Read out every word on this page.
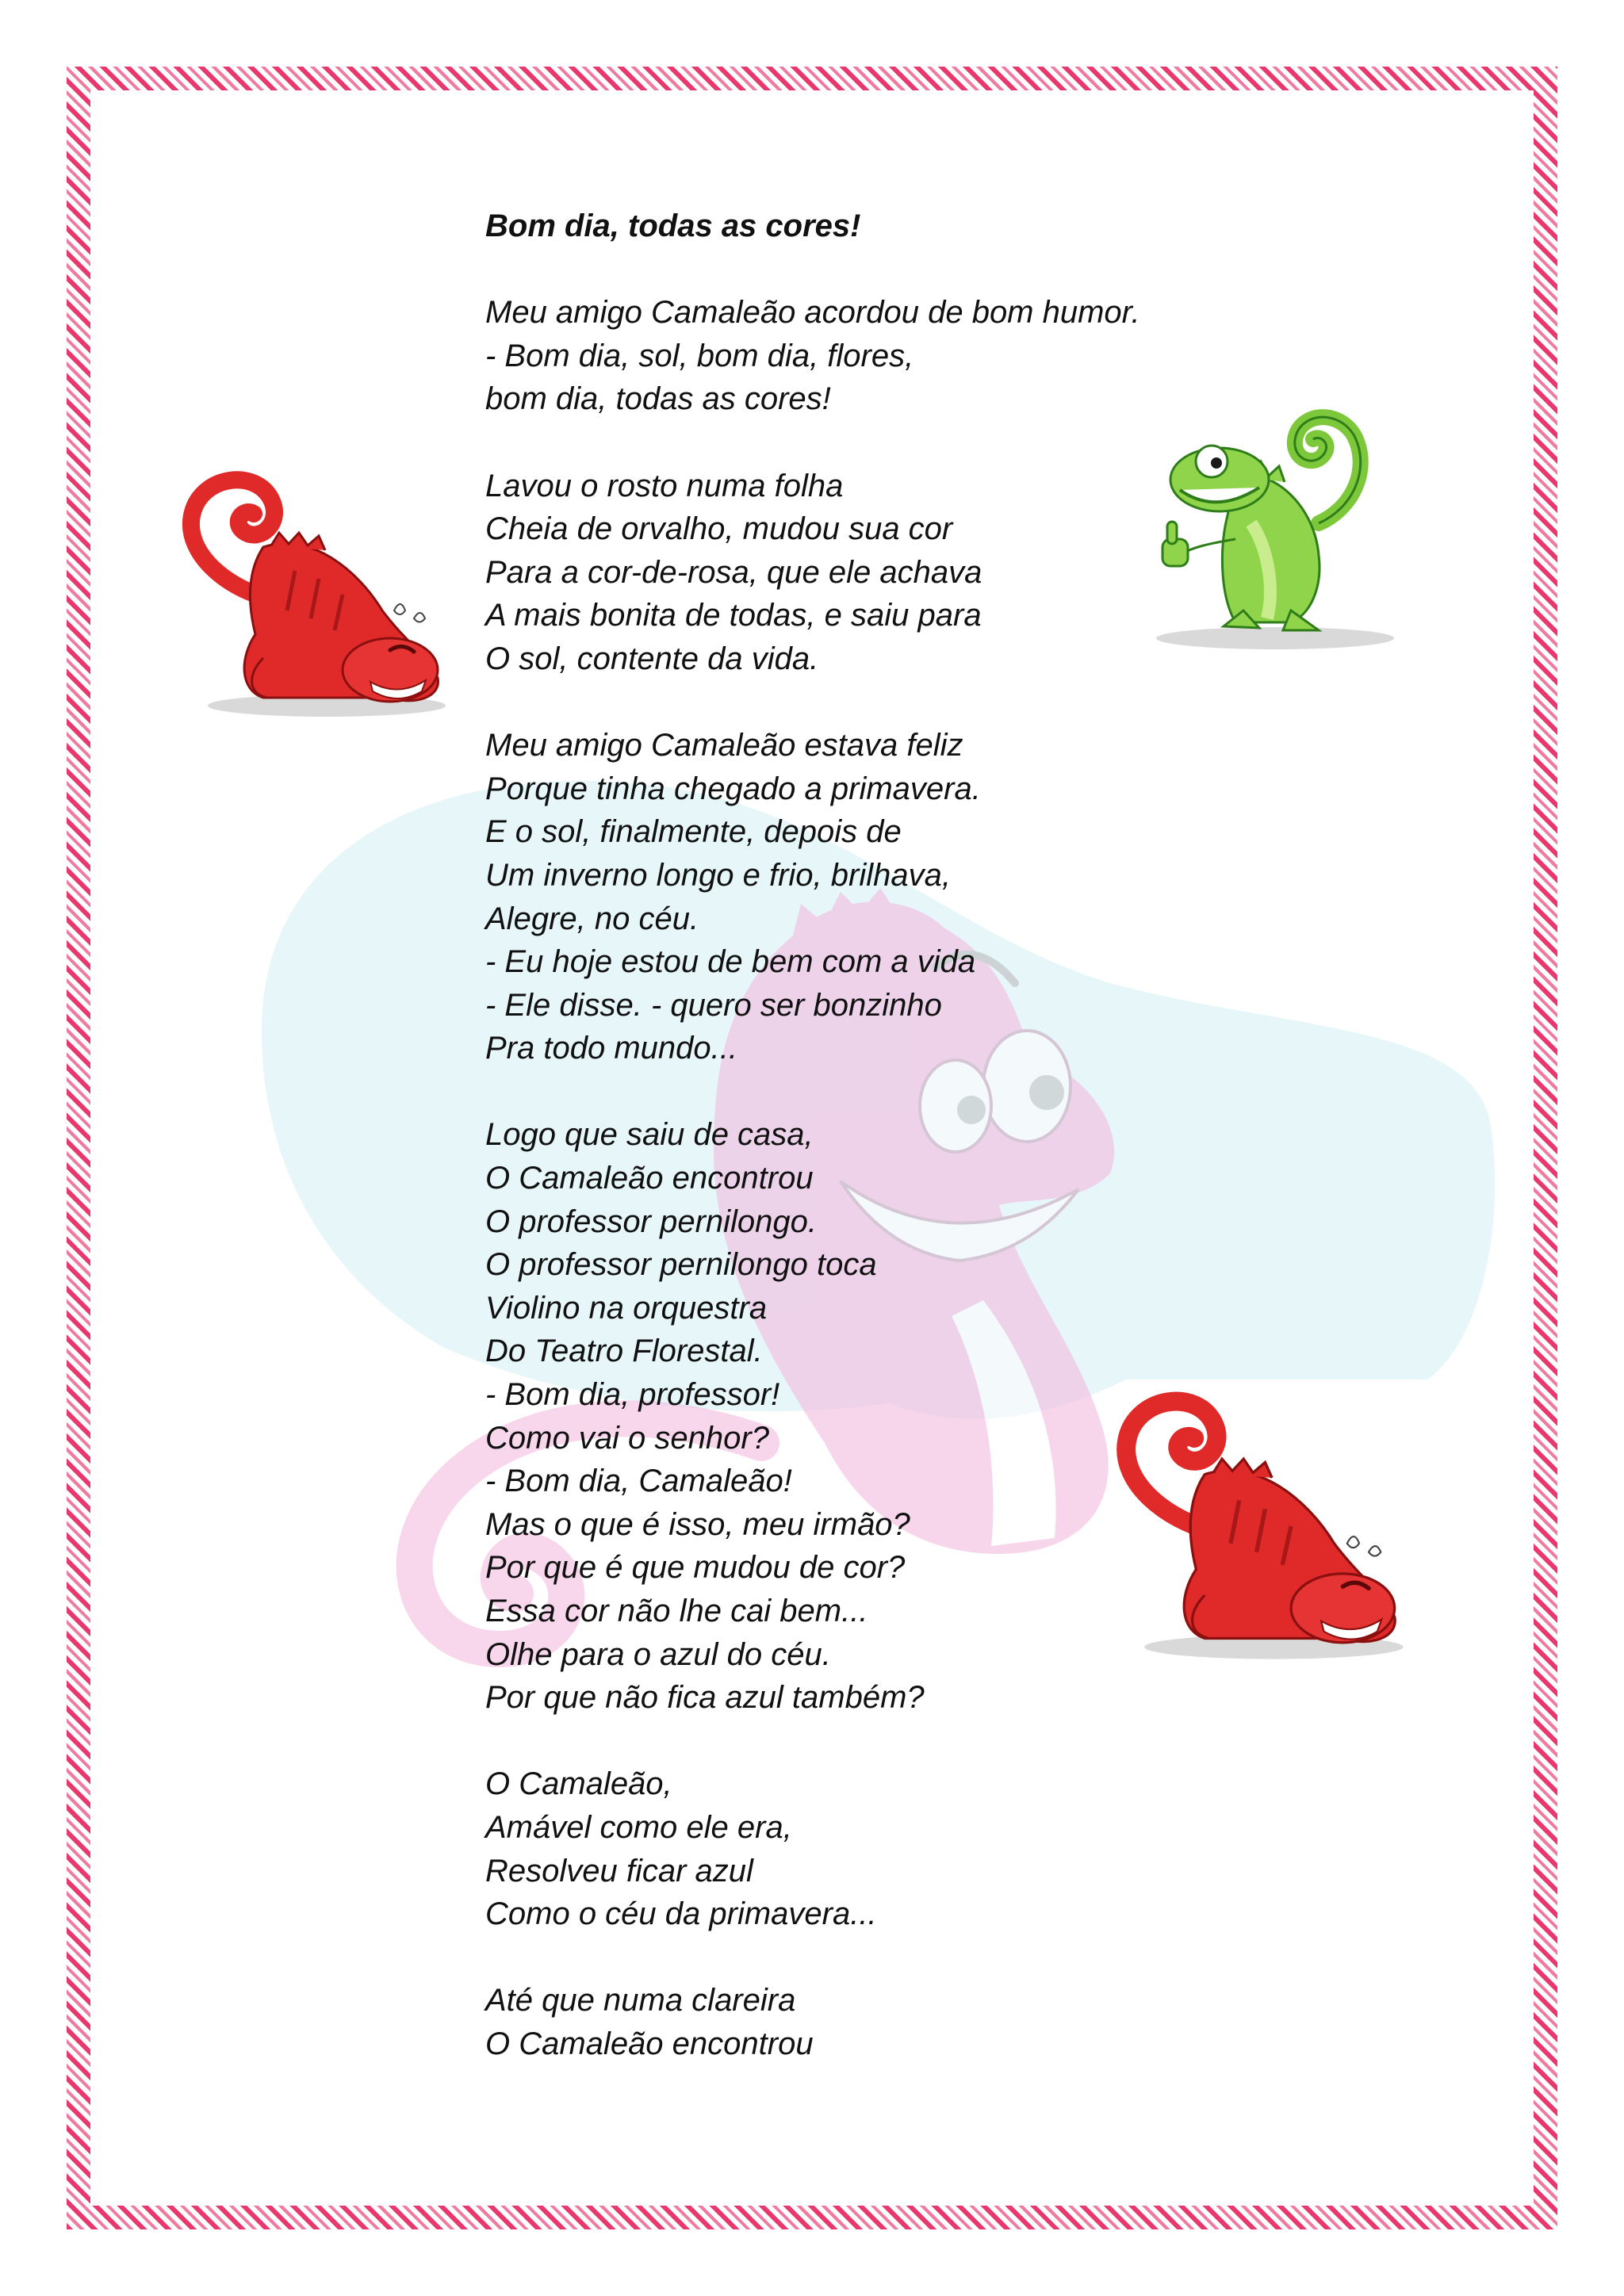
Bom dia, todas as cores!
Meu amigo Camaleão acordou de bom humor.
- Bom dia, sol, bom dia, flores,
bom dia, todas as cores!
Lavou o rosto numa folha
Cheia de orvalho, mudou sua cor
Para a cor-de-rosa, que ele achava
A mais bonita de todas, e saiu para
O sol, contente da vida.
Meu amigo Camaleão estava feliz
Porque tinha chegado a primavera.
E o sol, finalmente, depois de
Um inverno longo e frio, brilhava,
Alegre, no céu.
- Eu hoje estou de bem com a vida
- Ele disse. - quero ser bonzinho
Pra todo mundo...
Logo que saiu de casa,
O Camaleão encontrou
O professor pernilongo.
O professor pernilongo toca
Violino na orquestra
Do Teatro Florestal.
- Bom dia, professor!
Como vai o senhor?
- Bom dia, Camaleão!
Mas o que é isso, meu irmão?
Por que é que mudou de cor?
Essa cor não lhe cai bem...
Olhe para o azul do céu.
Por que não fica azul também?
O Camaleão,
Amável como ele era,
Resolveu ficar azul
Como o céu da primavera...
Até que numa clareira
O Camaleão encontrou
